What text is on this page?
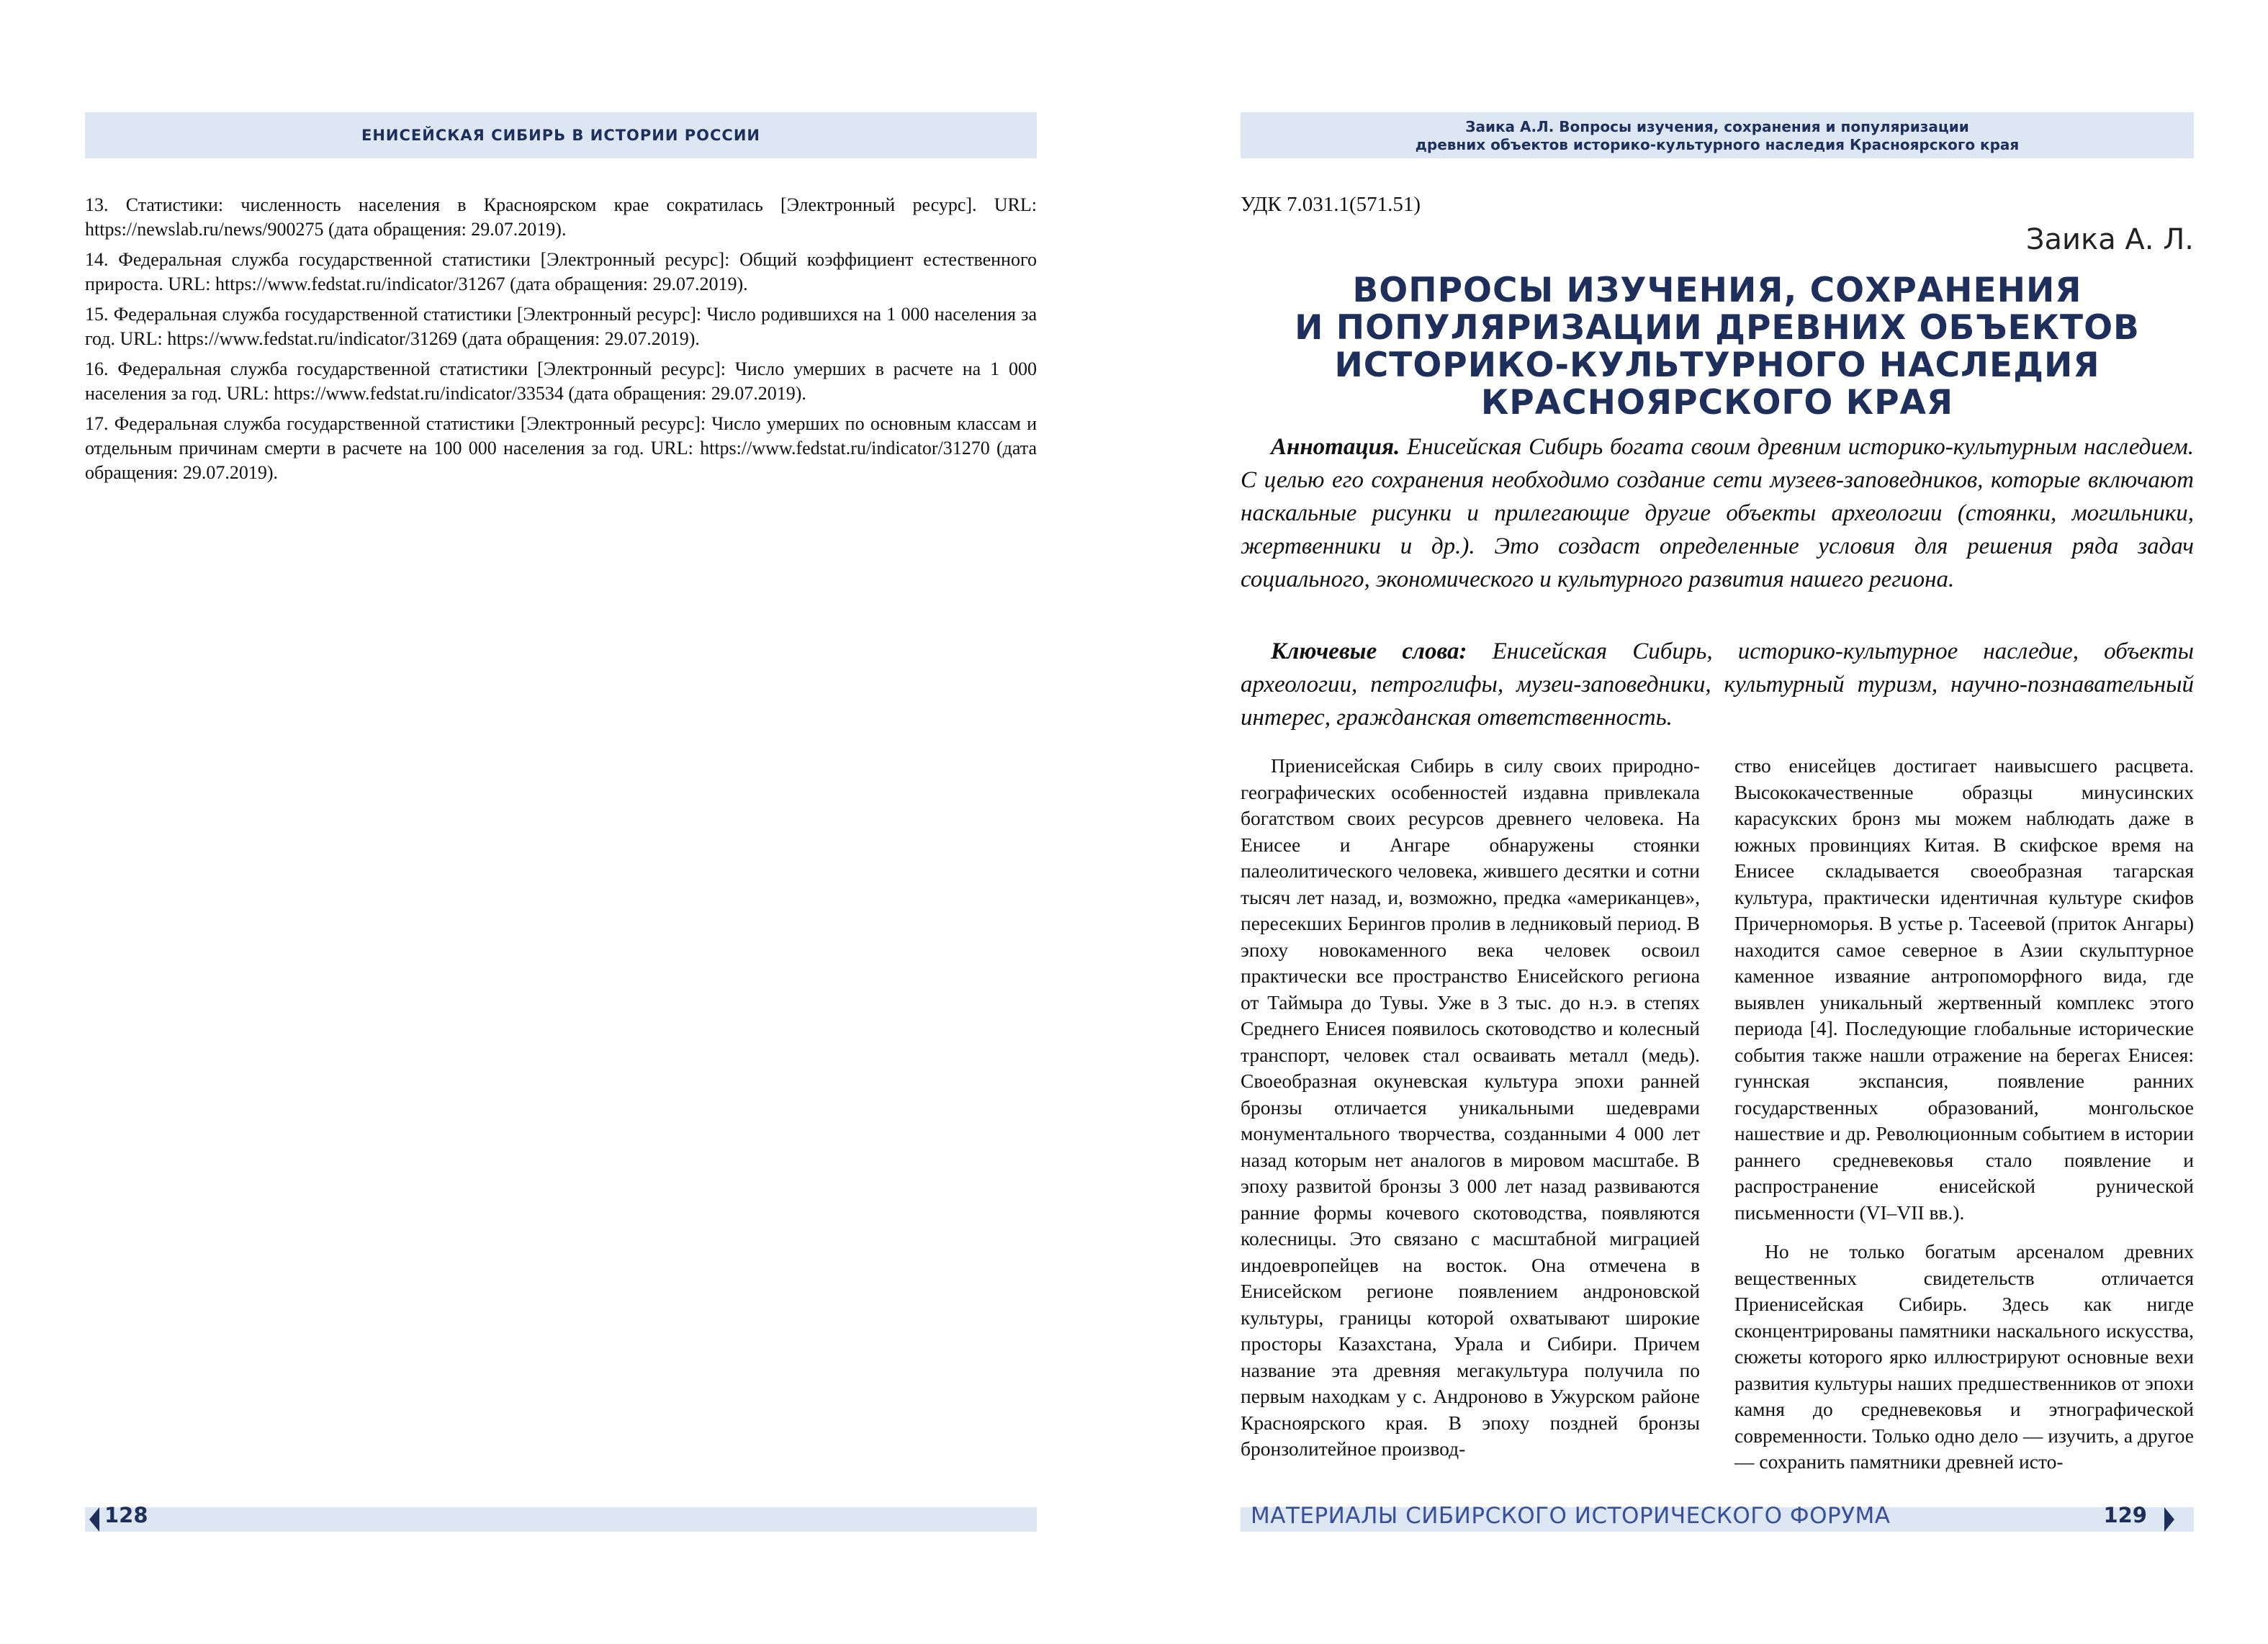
ЕНИСЕЙСКАЯ СИБИРЬ В ИСТОРИИ РОССИИ

13. Статистики: численность населения в Красноярском крае сократилась [Электронный ресурс]. URL: https://newslab.ru/news/900275 (дата обращения: 29.07.2019).

14. Федеральная служба государственной статистики [Электронный ресурс]: Общий коэффициент естественного прироста. URL: https://www.fedstat.ru/indicator/31267 (дата обращения: 29.07.2019).

15. Федеральная служба государственной статистики [Электронный ресурс]: Число родившихся на 1 000 населения за год. URL: https://www.fedstat.ru/indicator/31269 (дата обращения: 29.07.2019).

16. Федеральная служба государственной статистики [Электронный ресурс]: Число умерших в расчете на 1 000 населения за год. URL: https://www.fedstat.ru/indicator/33534 (дата обращения: 29.07.2019).

17. Федеральная служба государственной статистики [Электронный ресурс]: Число умерших по основным классам и отдельным причинам смерти в расчете на 100 000 населения за год. URL: https://www.fedstat.ru/indicator/31270 (дата обращения: 29.07.2019).

128
Заика А.Л. Вопросы изучения, сохранения и популяризации
древних объектов историко-культурного наследия Красноярского края
УДК 7.031.1(571.51)
Заика А. Л.
ВОПРОСЫ ИЗУЧЕНИЯ, СОХРАНЕНИЯ
И ПОПУЛЯРИЗАЦИИ ДРЕВНИХ ОБЪЕКТОВ
ИСТОРИКО-КУЛЬТУРНОГО НАСЛЕДИЯ
КРАСНОЯРСКОГО КРАЯ

Аннотация. Енисейская Сибирь богата своим древним историко-культурным наследием. С целью его сохранения необходимо создание сети музеев-заповедников, которые включают наскальные рисунки и прилегающие другие объекты археологии (стоянки, могильники, жертвенники и др.). Это создаст определенные условия для решения ряда задач социального, экономического и культурного развития нашего региона.

Ключевые слова: Енисейская Сибирь, историко-культурное наследие, объекты археологии, петроглифы, музеи-заповедники, культурный туризм, научно-познавательный интерес, гражданская ответственность.

Приенисейская Сибирь в силу своих природно-географических особенностей издавна привлекала богатством своих ресурсов древнего человека. На Енисее и Ангаре обнаружены стоянки палеолитического человека, жившего десятки и сотни тысяч лет назад, и, возможно, предка «американцев», пересекших Берингов пролив в ледниковый период. В эпоху новокаменного века человек освоил практически все пространство Енисейского региона от Таймыра до Тувы. Уже в 3 тыс. до н.э. в степях Среднего Енисея появилось скотоводство и колесный транспорт, человек стал осваивать металл (медь). Своеобразная окуневская культура эпохи ранней бронзы отличается уникальными шедеврами монументального творчества, созданными 4 000 лет назад которым нет аналогов в мировом масштабе. В эпоху развитой бронзы 3 000 лет назад развиваются ранние формы кочевого скотоводства, появляются колесницы. Это связано с масштабной миграцией индоевропейцев на восток. Она отмечена в Енисейском регионе появлением андроновской культуры, границы которой охватывают широкие просторы Казахстана, Урала и Сибири. Причем название эта древняя мегакультура получила по первым находкам у с. Андроново в Ужурском районе Красноярского края. В эпоху поздней бронзы бронзолитейное производ-

ство енисейцев достигает наивысшего расцвета. Высококачественные образцы минусинских карасукских бронз мы можем наблюдать даже в южных провинциях Китая. В скифское время на Енисее складывается своеобразная тагарская культура, практически идентичная культуре скифов Причерноморья. В устье р. Тасеевой (приток Ангары) находится самое северное в Азии скульптурное каменное изваяние антропоморфного вида, где выявлен уникальный жертвенный комплекс этого периода [4]. Последующие глобальные исторические события также нашли отражение на берегах Енисея: гуннская экспансия, появление ранних государственных образований, монгольское нашествие и др. Революционным событием в истории раннего средневековья стало появление и распространение енисейской рунической письменности (VI–VII вв.).

Но не только богатым арсеналом древних вещественных свидетельств отличается Приенисейская Сибирь. Здесь как нигде сконцентрированы памятники наскального искусства, сюжеты которого ярко иллюстрируют основные вехи развития культуры наших предшественников от эпохи камня до средневековья и этнографической современности. Только одно дело — изучить, а другое — сохранить памятники древней исто-

МАТЕРИАЛЫ СИБИРСКОГО ИСТОРИЧЕСКОГО ФОРУМА	129
